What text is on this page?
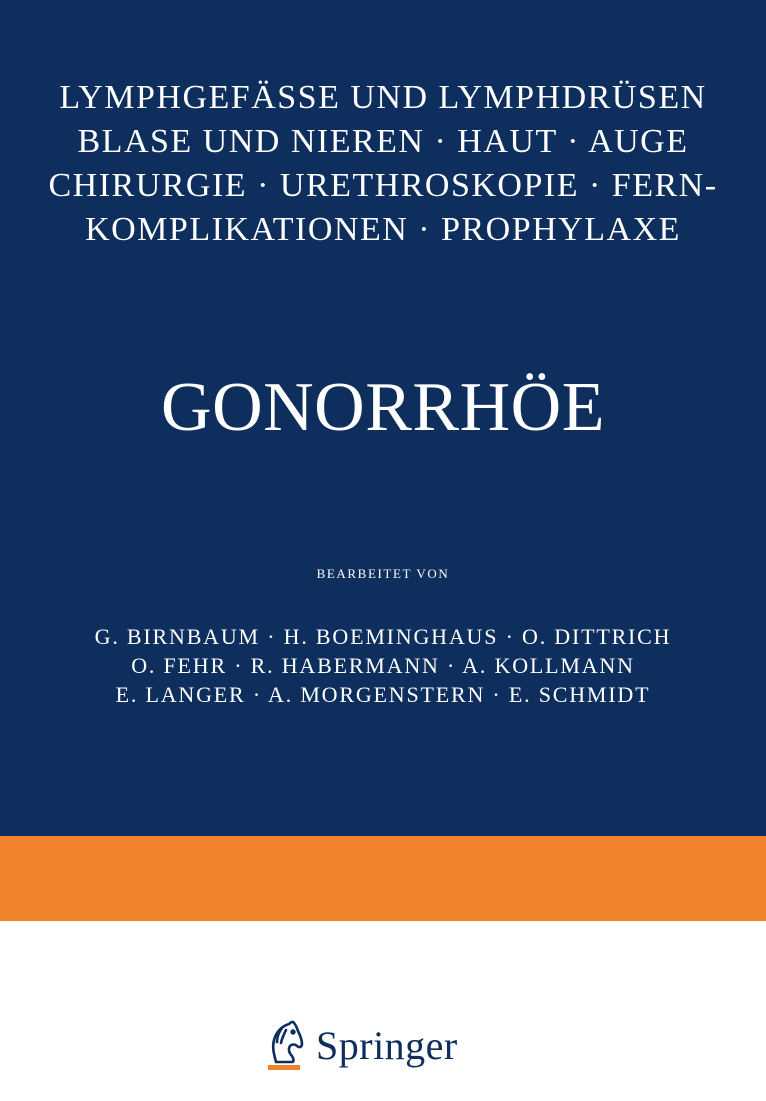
LYMPHGEFÄSSE UND LYMPHDRÜSEN
BLASE UND NIEREN · HAUT · AUGE
CHIRURGIE · URETHROSKOPIE · FERN-
KOMPLIKATIONEN · PROPHYLAXE
GONORRHÖE
BEARBEITET VON
G. BIRNBAUM · H. BOEMINGHAUS · O. DITTRICH
O. FEHR · R. HABERMANN · A. KOLLMANN
E. LANGER · A. MORGENSTERN · E. SCHMIDT
Springer
